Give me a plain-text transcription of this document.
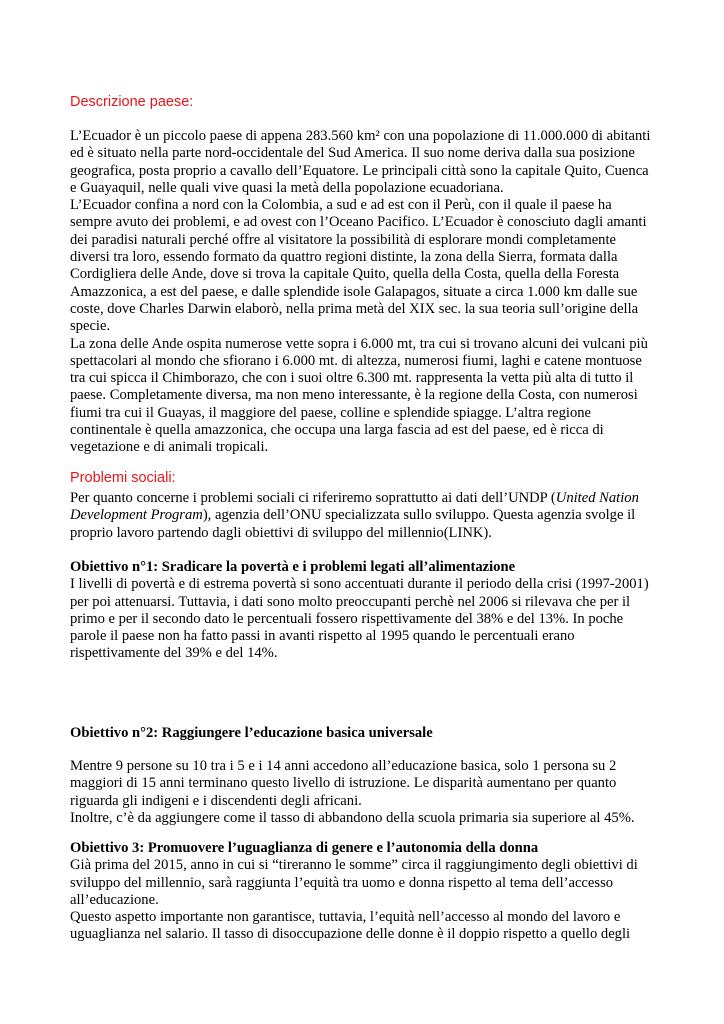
Descrizione paese:
L’Ecuador è un piccolo paese di appena 283.560 km² con una popolazione di 11.000.000 di abitanti
ed è situato nella parte nord-occidentale del Sud America. Il suo nome deriva dalla sua posizione
geografica, posta proprio a cavallo dell’Equatore. Le principali città sono la capitale Quito, Cuenca
e Guayaquil, nelle quali vive quasi la metà della popolazione ecuadoriana.
L’Ecuador confina a nord con la Colombia, a sud e ad est con il Perù, con il quale il paese ha
sempre avuto dei problemi, e ad ovest con l’Oceano Pacifico. L’Ecuador è conosciuto dagli amanti
dei paradisi naturali perché offre al visitatore la possibilità di esplorare mondi completamente
diversi tra loro, essendo formato da quattro regioni distinte, la zona della Sierra, formata dalla
Cordigliera delle Ande, dove si trova la capitale Quito, quella della Costa, quella della Foresta
Amazzonica, a est del paese, e dalle splendide isole Galapagos, situate a circa 1.000 km dalle sue
coste, dove Charles Darwin elaborò, nella prima metà del XIX sec. la sua teoria sull’origine della
specie.
La zona delle Ande ospita numerose vette sopra i 6.000 mt, tra cui si trovano alcuni dei vulcani più
spettacolari al mondo che sfiorano i 6.000 mt. di altezza, numerosi fiumi, laghi e catene montuose
tra cui spicca il Chimborazo, che con i suoi oltre 6.300 mt. rappresenta la vetta più alta di tutto il
paese. Completamente diversa, ma non meno interessante, è la regione della Costa, con numerosi
fiumi tra cui il Guayas, il maggiore del paese, colline e splendide spiagge. L’altra regione
continentale è quella amazzonica, che occupa una larga fascia ad est del paese, ed è ricca di
vegetazione e di animali tropicali.
Problemi sociali:
Per quanto concerne i problemi sociali ci riferiremo soprattutto ai dati dell’UNDP (United Nation
Development Program), agenzia dell’ONU specializzata sullo sviluppo. Questa agenzia svolge il
proprio lavoro partendo dagli obiettivi di sviluppo del millennio(LINK).
Obiettivo n°1: Sradicare la povertà e i problemi legati all’alimentazione
I livelli di povertà e di estrema povertà si sono accentuati durante il periodo della crisi (1997-2001)
per poi attenuarsi. Tuttavia, i dati sono molto preoccupanti perchè nel 2006 si rilevava che per il
primo e per il secondo dato le percentuali fossero rispettivamente del 38% e del 13%. In poche
parole il paese non ha fatto passi in avanti rispetto al 1995 quando le percentuali erano
rispettivamente del 39% e del 14%.
Obiettivo n°2: Raggiungere l’educazione basica universale
Mentre 9 persone su 10 tra i 5 e i 14 anni accedono all’educazione basica, solo 1 persona su 2
maggiori di 15 anni terminano questo livello di istruzione. Le disparità aumentano per quanto
riguarda gli indigeni e i discendenti degli africani.
Inoltre, c’è da aggiungere come il tasso di abbandono della scuola primaria sia superiore al 45%.
Obiettivo 3: Promuovere l’uguaglianza di genere e l’autonomia della donna
Già prima del 2015, anno in cui si “tireranno le somme” circa il raggiungimento degli obiettivi di
sviluppo del millennio, sarà raggiunta l’equità tra uomo e donna rispetto al tema dell’accesso
all’educazione.
Questo aspetto importante non garantisce, tuttavia, l’equità nell’accesso al mondo del lavoro e
uguaglianza nel salario. Il tasso di disoccupazione delle donne è il doppio rispetto a quello degli
